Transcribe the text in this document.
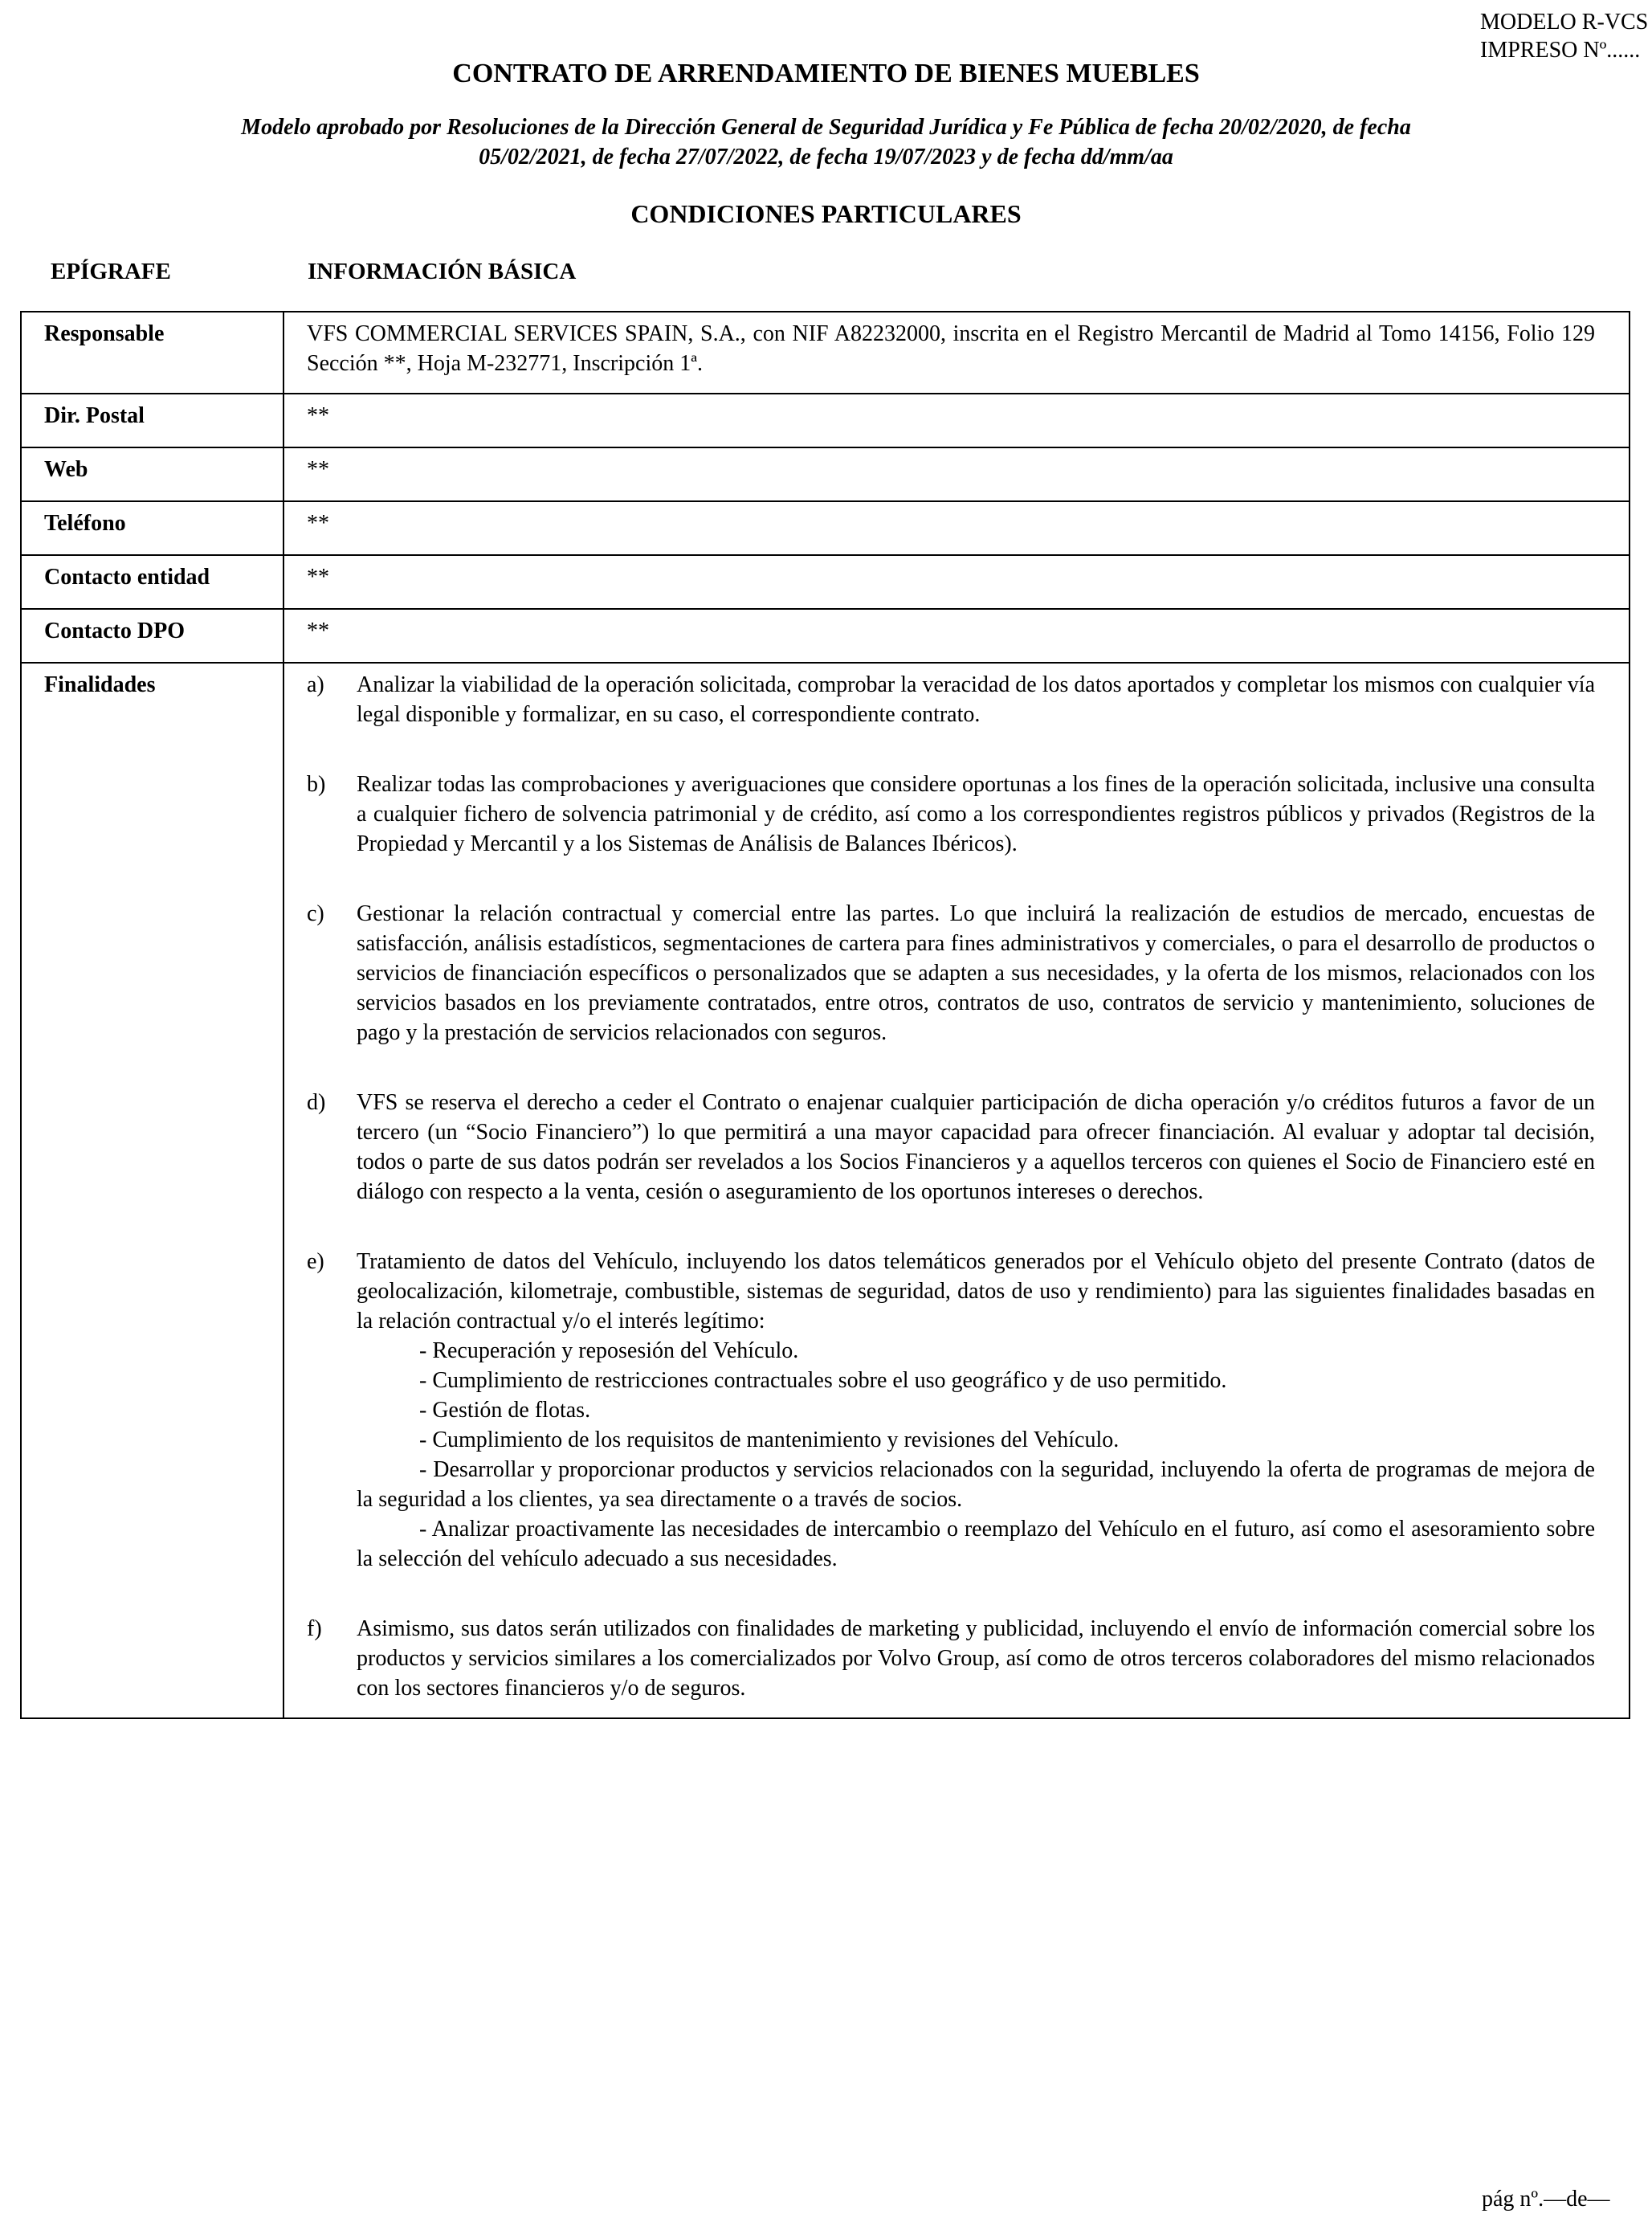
MODELO R-VCS
IMPRESO Nº......
CONTRATO DE ARRENDAMIENTO DE BIENES MUEBLES
Modelo aprobado por Resoluciones de la Dirección General de Seguridad Jurídica y Fe Pública de fecha 20/02/2020, de fecha
05/02/2021, de fecha 27/07/2022, de fecha 19/07/2023 y de fecha dd/mm/aa
CONDICIONES PARTICULARES
EPÍGRAFE	INFORMACIÓN BÁSICA
Responsable	VFS COMMERCIAL SERVICES SPAIN, S.A., con NIF A82232000, inscrita en el Registro Mercantil de Madrid al Tomo 14156, Folio 129 Sección **, Hoja M-232771, Inscripción 1ª.
Dir. Postal	**
Web	**
Teléfono	**
Contacto entidad	**
Contacto DPO	**
Finalidades	a)	Analizar la viabilidad de la operación solicitada, comprobar la veracidad de los datos aportados y completar los mismos con cualquier vía legal disponible y formalizar, en su caso, el correspondiente contrato.
b)	Realizar todas las comprobaciones y averiguaciones que considere oportunas a los fines de la operación solicitada, inclusive una consulta a cualquier fichero de solvencia patrimonial y de crédito, así como a los correspondientes registros públicos y privados (Registros de la Propiedad y Mercantil y a los Sistemas de Análisis de Balances Ibéricos).
c)	Gestionar la relación contractual y comercial entre las partes. Lo que incluirá la realización de estudios de mercado, encuestas de satisfacción, análisis estadísticos, segmentaciones de cartera para fines administrativos y comerciales, o para el desarrollo de productos o servicios de financiación específicos o personalizados que se adapten a sus necesidades, y la oferta de los mismos, relacionados con los servicios basados en los previamente contratados, entre otros, contratos de uso, contratos de servicio y mantenimiento, soluciones de pago y la prestación de servicios relacionados con seguros.
d)	VFS se reserva el derecho a ceder el Contrato o enajenar cualquier participación de dicha operación y/o créditos futuros a favor de un tercero (un “Socio Financiero”) lo que permitirá a una mayor capacidad para ofrecer financiación. Al evaluar y adoptar tal decisión, todos o parte de sus datos podrán ser revelados a los Socios Financieros y a aquellos terceros con quienes el Socio de Financiero esté en diálogo con respecto a la venta, cesión o aseguramiento de los oportunos intereses o derechos.
e)	Tratamiento de datos del Vehículo, incluyendo los datos telemáticos generados por el Vehículo objeto del presente Contrato (datos de geolocalización, kilometraje, combustible, sistemas de seguridad, datos de uso y rendimiento) para las siguientes finalidades basadas en la relación contractual y/o el interés legítimo:

- Recuperación y reposesión del Vehículo.

- Cumplimiento de restricciones contractuales sobre el uso geográfico y de uso permitido.

- Gestión de flotas.

- Cumplimiento de los requisitos de mantenimiento y revisiones del Vehículo.

- Desarrollar y proporcionar productos y servicios relacionados con la seguridad, incluyendo la oferta de programas de mejora de la seguridad a los clientes, ya sea directamente o a través de socios.

- Analizar proactivamente las necesidades de intercambio o reemplazo del Vehículo en el futuro, así como el asesoramiento sobre la selección del vehículo adecuado a sus necesidades.

f)	Asimismo, sus datos serán utilizados con finalidades de marketing y publicidad, incluyendo el envío de información comercial sobre los productos y servicios similares a los comercializados por Volvo Group, así como de otros terceros colaboradores del mismo relacionados con los sectores financieros y/o de seguros.
pág nº.—de—
